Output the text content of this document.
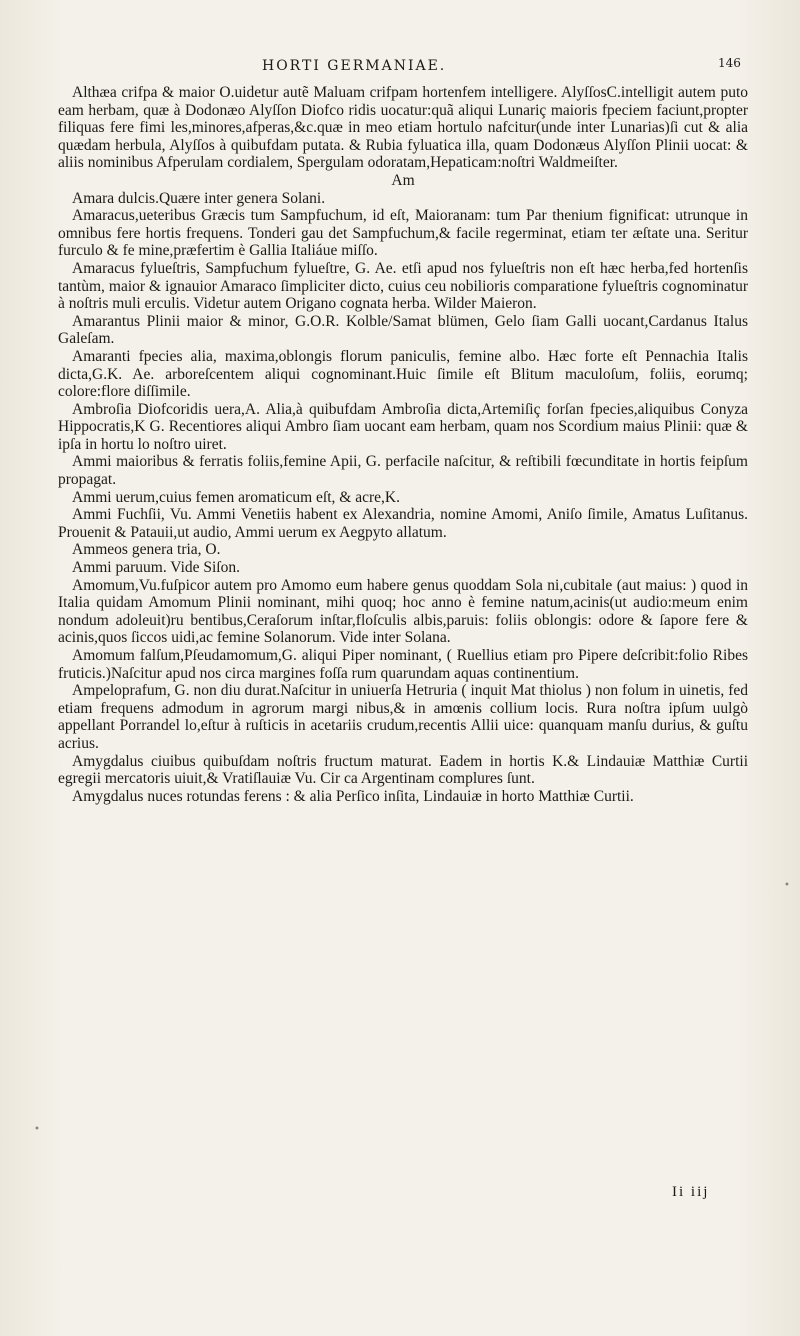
HORTI GERMANIAE.	146

Althæa crifpa & maior O.uidetur autẽ Maluam crifpam hortenfem intelligere. AlyſſosC.intelligit autem puto eam herbam, quæ à Dodonæo Alyſſon Diofco ridis uocatur:quã aliqui Lunariç maioris fpeciem faciunt,propter filiquas fere fimi les,minores,afperas,&c.quæ in meo etiam hortulo nafcitur(unde inter Lunarias)ſi cut & alia quædam herbula, Alyſſos à quibufdam putata. & Rubia fyluatica illa, quam Dodonæus Alyſſon Plinii uocat: & aliis nominibus Afperulam cordialem, Spergulam odoratam,Hepaticam:noſtri Waldmeiſter.

Am

Amara dulcis.Quære inter genera Solani.

Amaracus,ueteribus Græcis tum Sampfuchum, id eſt, Maioranam: tum Par thenium fignificat: utrunque in omnibus fere hortis frequens. Tonderi gau det Sampfuchum,& facile regerminat, etiam ter æſtate una. Seritur furculo & fe mine,præfertim è Gallia Italiáue miſſo.

Amaracus fylueſtris, Sampfuchum fylueſtre, G. Ae. etſi apud nos fylueſtris non eſt hæc herba,fed hortenſis tantùm, maior & ignauior Amaraco ſimpliciter dicto, cuius ceu nobilioris comparatione fylueſtris cognominatur à noſtris muli erculis. Videtur autem Origano cognata herba. Wilder Maieron.

Amarantus Plinii maior & minor, G.O.R. Kolble/Samat blümen, Gelo ſiam Galli uocant,Cardanus Italus Galeſam.

Amaranti fpecies alia, maxima,oblongis florum paniculis, femine albo. Hæc forte eſt Pennachia Italis dicta,G.K. Ae. arboreſcentem aliqui cognominant.Huic ſimile eſt Blitum maculoſum, foliis, eorumq; colore:flore diſſimile.

Ambroſia Diofcoridis uera,A. Alia,à quibufdam Ambroſia dicta,Artemiſiç forſan fpecies,aliquibus Conyza Hippocratis,K G. Recentiores aliqui Ambro ſiam uocant eam herbam, quam nos Scordium maius Plinii: quæ & ipſa in hortu lo noſtro uiret.

Ammi maioribus & ferratis foliis,femine Apii, G. perfacile naſcitur, & reſtibili fœcunditate in hortis feipſum propagat.

Ammi uerum,cuius femen aromaticum eſt, & acre,K.

Ammi Fuchſii, Vu. Ammi Venetiis habent ex Alexandria, nomine Amomi, Aniſo ſimile, Amatus Luſitanus. Prouenit & Patauii,ut audio, Ammi uerum ex Aegpyto allatum.

Ammeos genera tria, O.

Ammi paruum. Vide Siſon.

Amomum,Vu.fuſpicor autem pro Amomo eum habere genus quoddam Sola ni,cubitale (aut maius: ) quod in Italia quidam Amomum Plinii nominant, mihi quoq; hoc anno è femine natum,acinis(ut audio:meum enim nondum adoleuit)ru bentibus,Ceraſorum inſtar,floſculis albis,paruis: foliis oblongis: odore & ſapore fere & acinis,quos ſiccos uidi,ac femine Solanorum. Vide inter Solana.

Amomum falſum,Pſeudamomum,G. aliqui Piper nominant, ( Ruellius etiam pro Pipere deſcribit:folio Ribes fruticis.)Naſcitur apud nos circa margines foſſa rum quarundam aquas continentium.

Ampeloprafum, G. non diu durat.Naſcitur in uniuerſa Hetruria ( inquit Mat thiolus ) non folum in uinetis, fed etiam frequens admodum in agrorum margi nibus,& in amœnis collium locis. Rura noſtra ipſum uulgò appellant Porrandel lo,eſtur à ruſticis in acetariis crudum,recentis Allii uice: quanquam manſu durius, & guſtu acrius.

Amygdalus ciuibus quibuſdam noſtris fructum maturat. Eadem in hortis K.& Lindauiæ Matthiæ Curtii egregii mercatoris uiuit,& Vratiſlauiæ Vu. Cir ca Argentinam complures ſunt.

Amygdalus nuces rotundas ferens : & alia Perſico inſita, Lindauiæ in horto Matthiæ Curtii.

Ii iij
•
•
